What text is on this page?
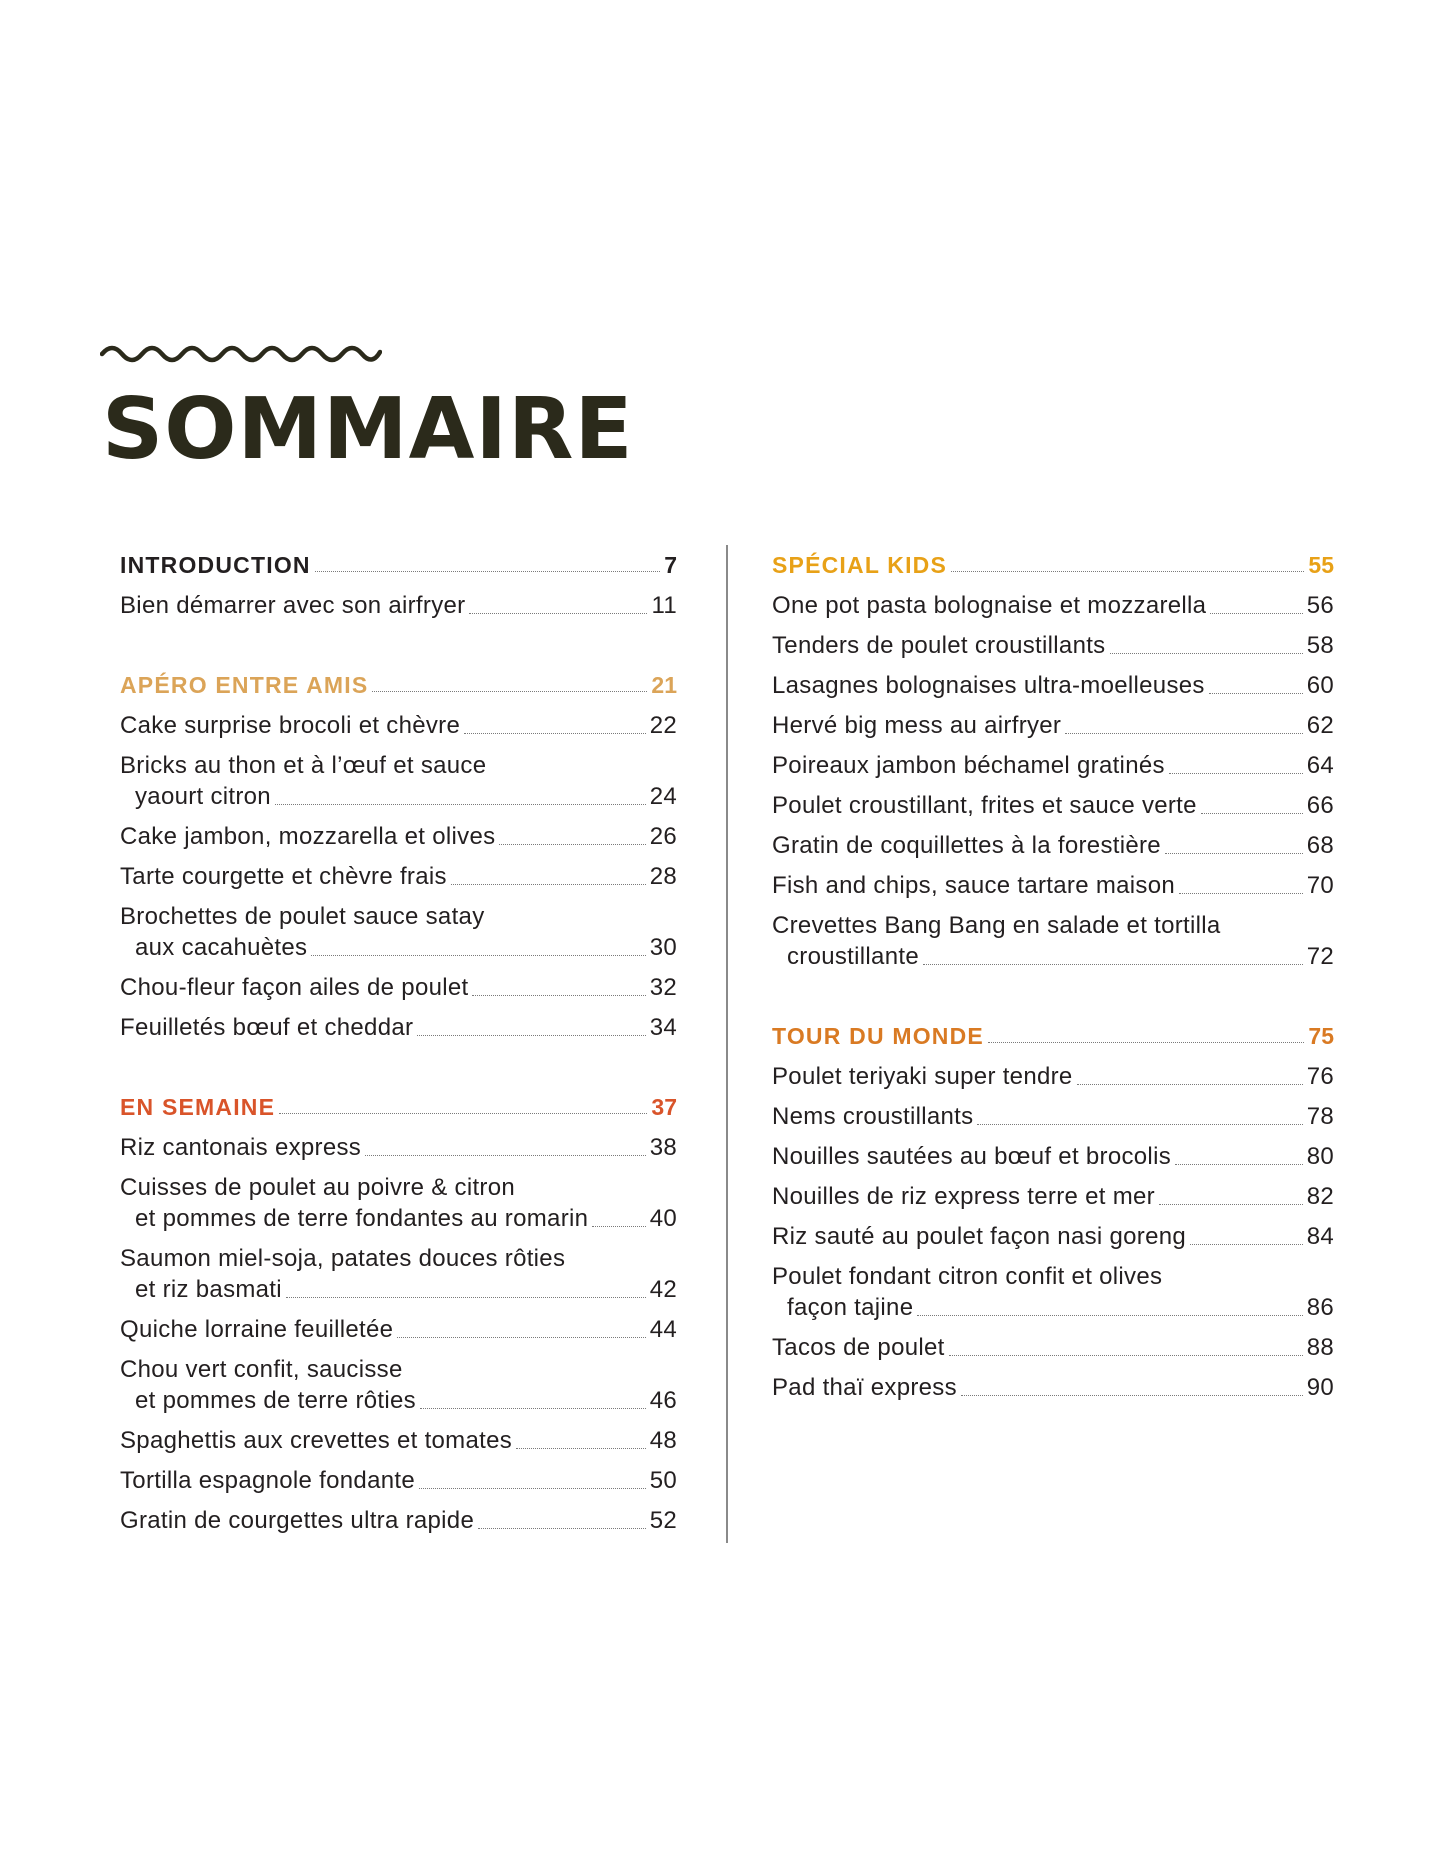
SOMMAIRE
INTRODUCTION	7
Bien démarrer avec son airfryer	11
APÉRO ENTRE AMIS	21
Cake surprise brocoli et chèvre	22
Bricks au thon et à l’œuf et sauce
yaourt citron	24
Cake jambon, mozzarella et olives	26
Tarte courgette et chèvre frais	28
Brochettes de poulet sauce satay
aux cacahuètes	30
Chou-fleur façon ailes de poulet	32
Feuilletés bœuf et cheddar	34
EN SEMAINE	37
Riz cantonais express	38
Cuisses de poulet au poivre & citron
et pommes de terre fondantes au romarin	40
Saumon miel-soja, patates douces rôties
et riz basmati	42
Quiche lorraine feuilletée	44
Chou vert confit, saucisse
et pommes de terre rôties	46
Spaghettis aux crevettes et tomates	48
Tortilla espagnole fondante	50
Gratin de courgettes ultra rapide	52
SPÉCIAL KIDS	55
One pot pasta bolognaise et mozzarella	56
Tenders de poulet croustillants	58
Lasagnes bolognaises ultra-moelleuses	60
Hervé big mess au airfryer	62
Poireaux jambon béchamel gratinés	64
Poulet croustillant, frites et sauce verte	66
Gratin de coquillettes à la forestière	68
Fish and chips, sauce tartare maison	70
Crevettes Bang Bang en salade et tortilla
croustillante	72
TOUR DU MONDE	75
Poulet teriyaki super tendre	76
Nems croustillants	78
Nouilles sautées au bœuf et brocolis	80
Nouilles de riz express terre et mer	82
Riz sauté au poulet façon nasi goreng	84
Poulet fondant citron confit et olives
façon tajine	86
Tacos de poulet	88
Pad thaï express	90
